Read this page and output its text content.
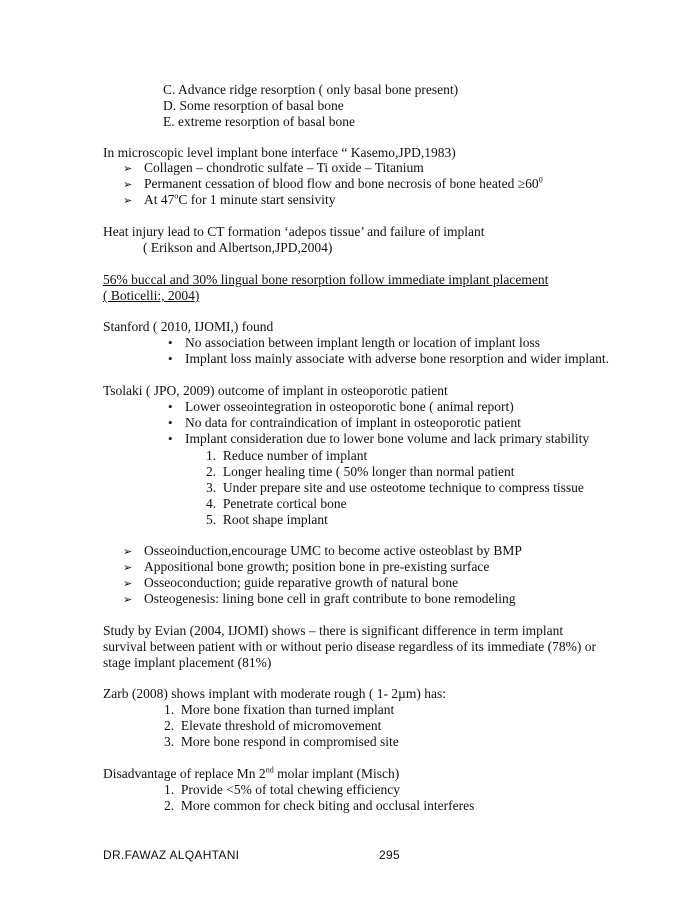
C. Advance ridge resorption ( only basal bone present)
D. Some resorption of basal bone
E. extreme resorption of basal bone
In microscopic level implant bone interface “ Kasemo,JPD,1983)
➢ Collagen – chondrotic sulfate – Ti oxide – Titanium
➢ Permanent cessation of blood flow and bone necrosis of bone heated $\ge 60^0$
➢ At 47$^o$C for 1 minute start sensivity
Heat injury lead to CT formation ‘adepos tissue’ and failure of implant
( Erikson and Albertson,JPD,2004)
56% buccal and 30% lingual bone resorption follow immediate implant placement
( Boticelli:, 2004)
Stanford ( 2010, IJOMI,) found
• No association between implant length or location of implant loss
• Implant loss mainly associate with adverse bone resorption and wider implant.
Tsolaki ( JPO, 2009) outcome of implant in osteoporotic patient
• Lower osseointegration in osteoporotic bone ( animal report)
• No data for contraindication of implant in osteoporotic patient
• Implant consideration due to lower bone volume and lack primary stability
1.  Reduce number of implant
2.  Longer healing time ( 50% longer than normal patient
3.  Under prepare site and use osteotome technique to compress tissue
4.  Penetrate cortical bone
5.  Root shape implant
➢ Osseoinduction,encourage UMC to become active osteoblast by BMP
➢ Appositional bone growth; position bone in pre-existing surface
➢ Osseoconduction; guide reparative growth of natural bone
➢ Osteogenesis: lining bone cell in graft contribute to bone remodeling
Study by Evian (2004, IJOMI) shows – there is significant difference in term implant
survival between patient with or without perio disease regardless of its immediate (78%) or
stage implant placement (81%)
Zarb (2008) shows implant with moderate rough ( 1- 2µm) has:
1.  More bone fixation than turned implant
2.  Elevate threshold of micromovement
3.  More bone respond in compromised site
Disadvantage of replace Mn 2nd molar implant (Misch)
1.  Provide <5% of total chewing efficiency
2.  More common for check biting and occlusal interferes
DR.FAWAZ ALQAHTANI	295
